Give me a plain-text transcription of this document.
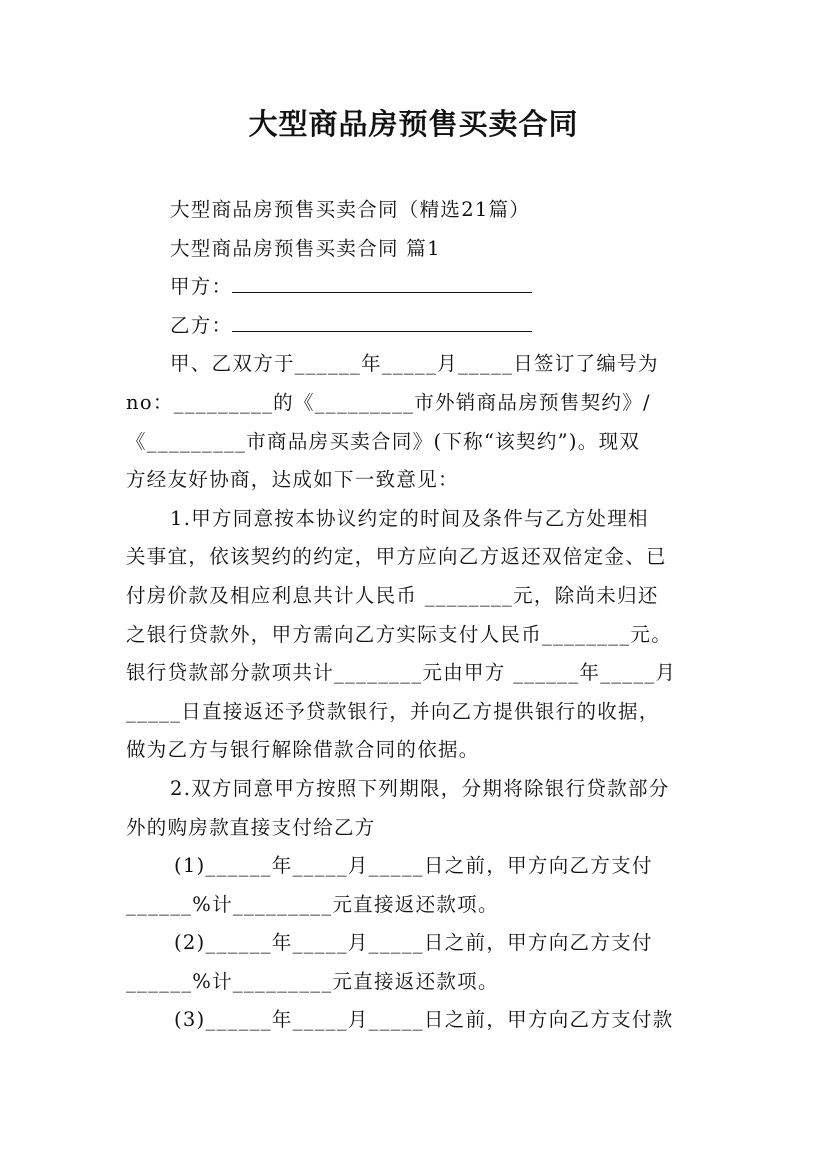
大型商品房预售买卖合同
大型商品房预售买卖合同（精选21篇）
大型商品房预售买卖合同 篇1
甲方：
乙方：
甲、乙双方于______年_____月_____日签订了编号为
no：_________的《_________市外销商品房预售契约》/
《_________市商品房买卖合同》(下称“该契约”)。现双
方经友好协商，达成如下一致意见：
1.甲方同意按本协议约定的时间及条件与乙方处理相
关事宜，依该契约的约定，甲方应向乙方返还双倍定金、已
付房价款及相应利息共计人民币 ________元，除尚未归还
之银行贷款外，甲方需向乙方实际支付人民币________元。
银行贷款部分款项共计________元由甲方 ______年_____月
_____日直接返还予贷款银行，并向乙方提供银行的收据，
做为乙方与银行解除借款合同的依据。
2.双方同意甲方按照下列期限，分期将除银行贷款部分
外的购房款直接支付给乙方
(1)______年_____月_____日之前，甲方向乙方支付
______%计_________元直接返还款项。
(2)______年_____月_____日之前，甲方向乙方支付
______%计_________元直接返还款项。
(3)______年_____月_____日之前，甲方向乙方支付款
